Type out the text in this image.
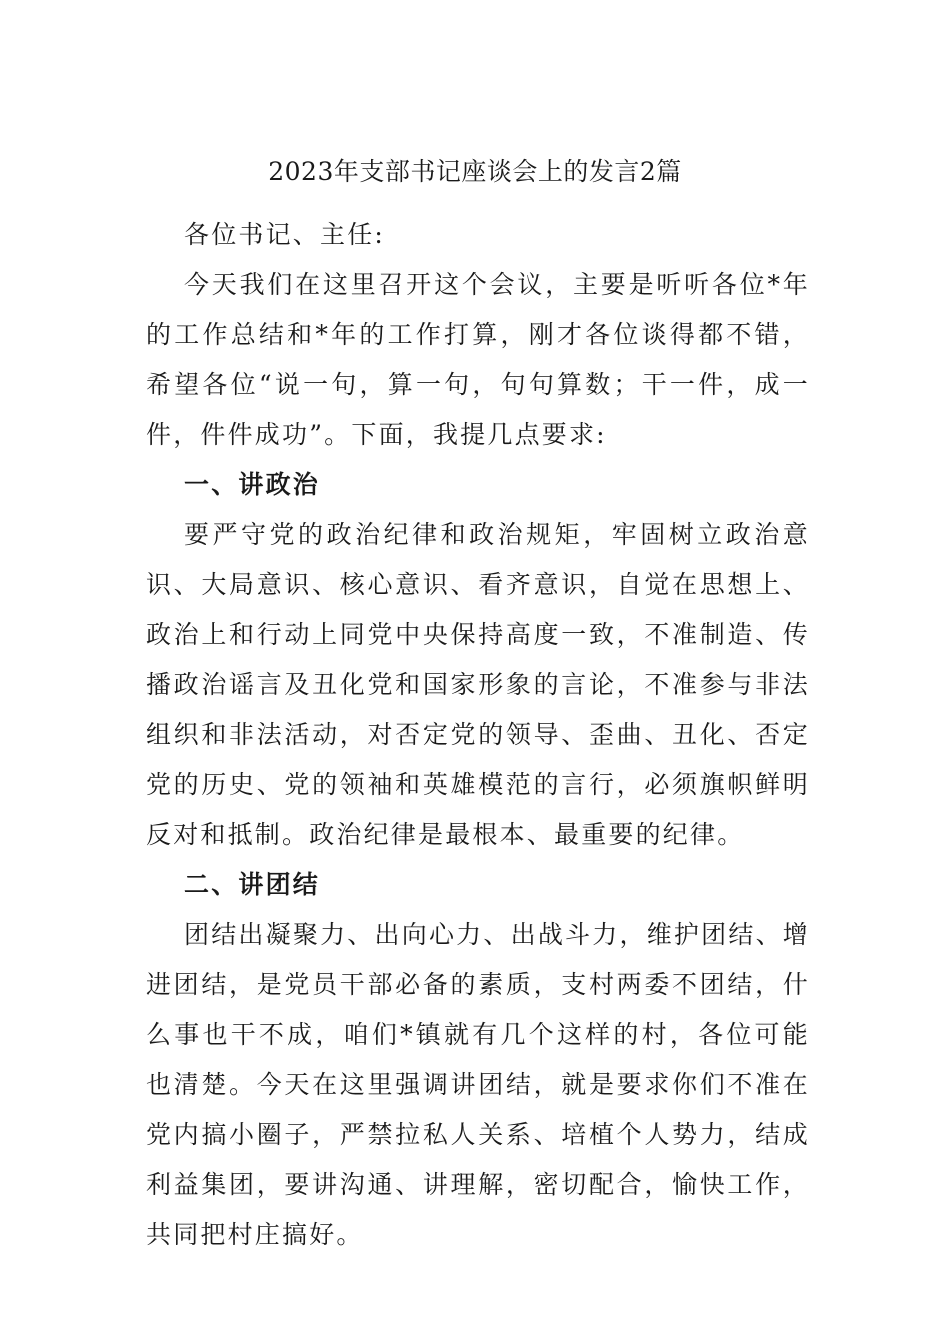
2023年支部书记座谈会上的发言2篇

各位书记、主任:

今天我们在这里召开这个会议，主要是听听各位*年的工作总结和*年的工作打算，刚才各位谈得都不错，希望各位“说一句，算一句，句句算数；干一件，成一件，件件成功”。下面，我提几点要求:

一、讲政治

要严守党的政治纪律和政治规矩，牢固树立政治意识、大局意识、核心意识、看齐意识，自觉在思想上、政治上和行动上同党中央保持高度一致，不准制造、传播政治谣言及丑化党和国家形象的言论，不准参与非法组织和非法活动，对否定党的领导、歪曲、丑化、否定党的历史、党的领袖和英雄模范的言行，必须旗帜鲜明反对和抵制。政治纪律是最根本、最重要的纪律。

二、讲团结

团结出凝聚力、出向心力、出战斗力，维护团结、增进团结，是党员干部必备的素质，支村两委不团结，什么事也干不成，咱们*镇就有几个这样的村，各位可能也清楚。今天在这里强调讲团结，就是要求你们不准在党内搞小圈子，严禁拉私人关系、培植个人势力，结成利益集团，要讲沟通、讲理解，密切配合，愉快工作，共同把村庄搞好。
